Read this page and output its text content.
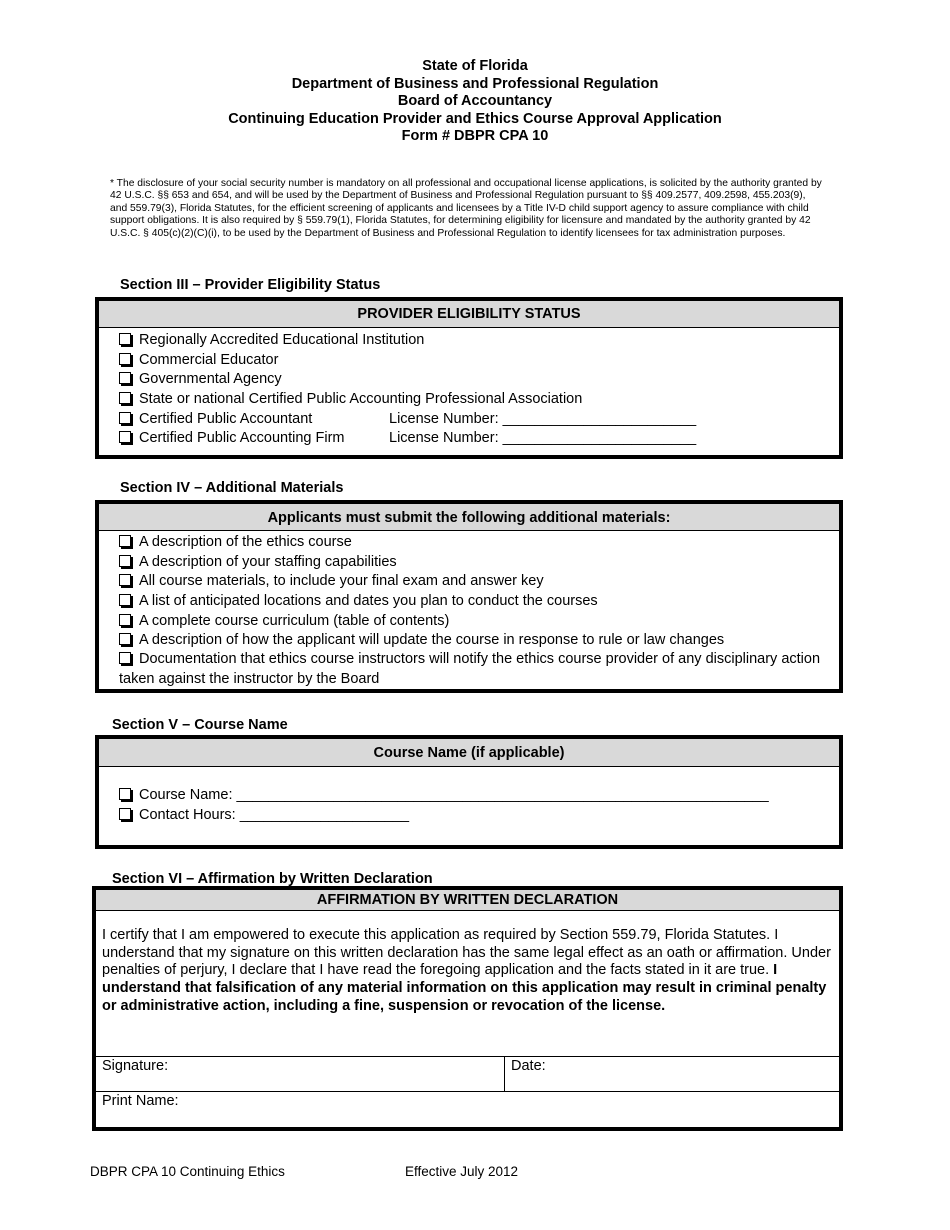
State of Florida
Department of Business and Professional Regulation
Board of Accountancy
Continuing Education Provider and Ethics Course Approval Application
Form # DBPR CPA 10
* The disclosure of your social security number is mandatory on all professional and occupational license applications, is solicited by the authority granted by 42 U.S.C. §§ 653 and 654, and will be used by the Department of Business and Professional Regulation pursuant to §§ 409.2577, 409.2598, 455.203(9), and 559.79(3), Florida Statutes, for the efficient screening of applicants and licensees by a Title IV-D child support agency to assure compliance with child support obligations. It is also required by § 559.79(1), Florida Statutes, for determining eligibility for licensure and mandated by the authority granted by 42 U.S.C. § 405(c)(2)(C)(i), to be used by the Department of Business and Professional Regulation to identify licensees for tax administration purposes.
Section III – Provider Eligibility Status
PROVIDER ELIGIBILITY STATUS
Regionally Accredited Educational Institution
Commercial Educator
Governmental Agency
State or national Certified Public Accounting Professional Association
Certified Public Accountant	License Number: ________________________
Certified Public Accounting Firm	License Number: ________________________
Section IV – Additional Materials
Applicants must submit the following additional materials:
A description of the ethics course
A description of your staffing capabilities
All course materials, to include your final exam and answer key
A list of anticipated locations and dates you plan to conduct the courses
A complete course curriculum (table of contents)
A description of how the applicant will update the course in response to rule or law changes
Documentation that ethics course instructors will notify the ethics course provider of any disciplinary action taken against the instructor by the Board
Section V – Course Name
Course Name (if applicable)
Course Name: __________________________________________________________________
Contact Hours: _____________________
Section VI – Affirmation by Written Declaration
AFFIRMATION BY WRITTEN DECLARATION
I certify that I am empowered to execute this application as required by Section 559.79, Florida Statutes. I understand that my signature on this written declaration has the same legal effect as an oath or affirmation. Under penalties of perjury, I declare that I have read the foregoing application and the facts stated in it are true. I understand that falsification of any material information on this application may result in criminal penalty or administrative action, including a fine, suspension or revocation of the license.
Signature:	Date:
Print Name:
DBPR CPA 10 Continuing Ethics	Effective July 2012
